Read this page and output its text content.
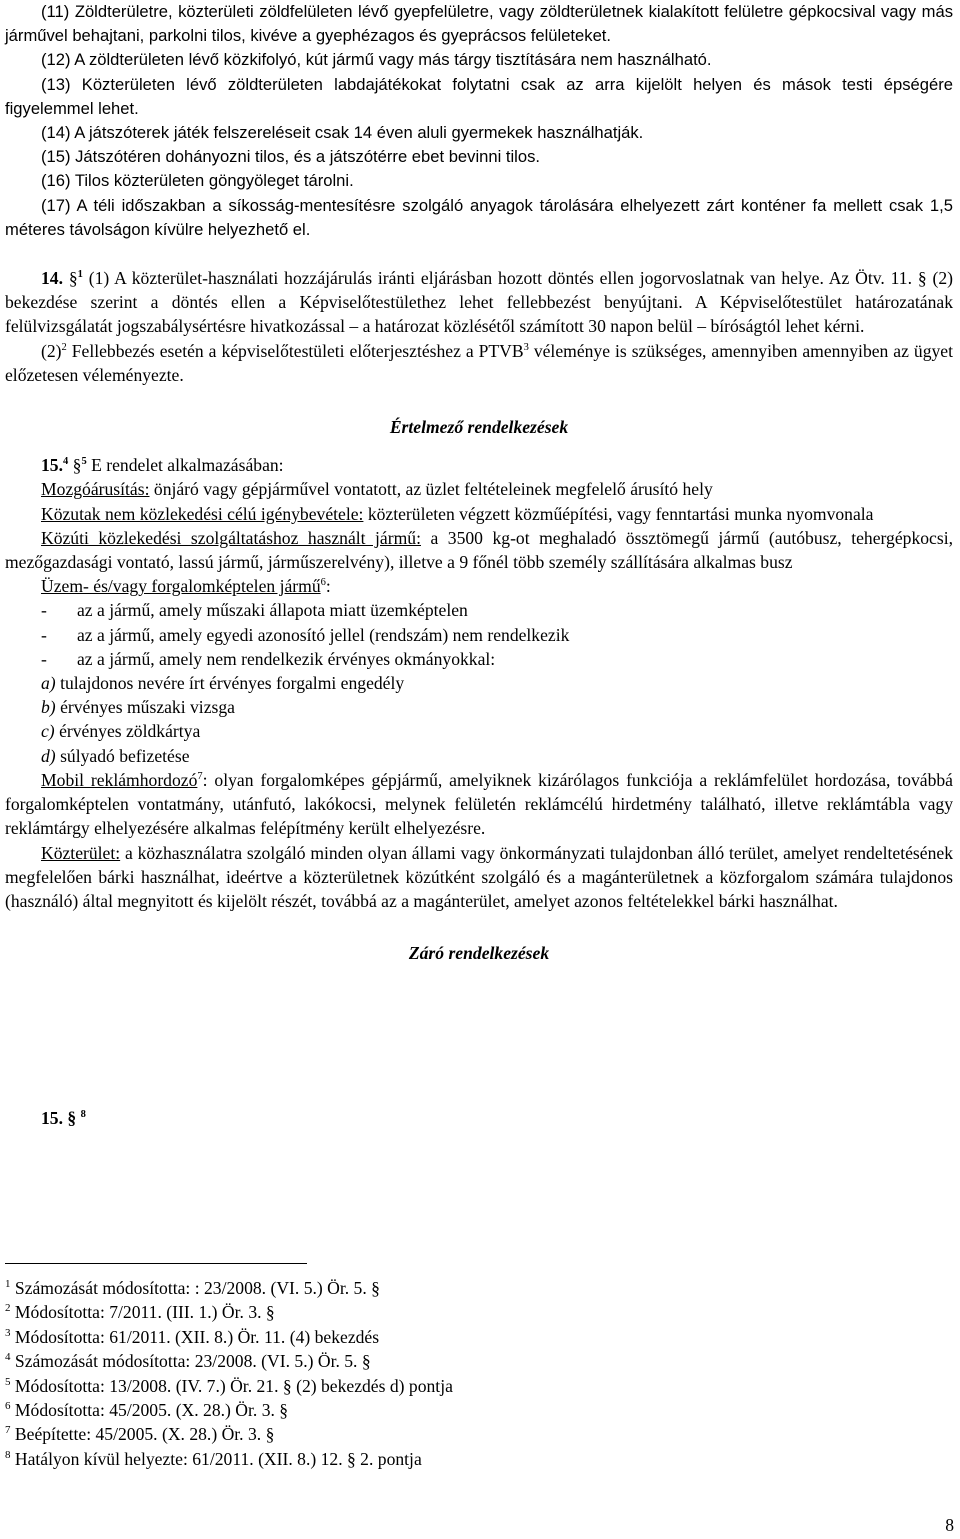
(11) Zöldterületre, közterületi zöldfelületen lévő gyepfelületre, vagy zöldterületnek kialakított felületre gépkocsival vagy más járművel behajtani, parkolni tilos, kivéve a gyephézagos és gyeprácsos felületeket.

(12) A zöldterületen lévő közkifolyó, kút jármű vagy más tárgy tisztítására nem használható.

(13) Közterületen lévő zöldterületen labdajátékokat folytatni csak az arra kijelölt helyen és mások testi épségére figyelemmel lehet.

(14) A játszóterek játék felszereléseit csak 14 éven aluli gyermekek használhatják.

(15) Játszótéren dohányozni tilos, és a játszótérre ebet bevinni tilos.

(16) Tilos közterületen göngyöleget tárolni.

(17) A téli időszakban a síkosság-mentesítésre szolgáló anyagok tárolására elhelyezett zárt konténer fa mellett csak 1,5 méteres távolságon kívülre helyezhető el.

14. §$^1$ (1) A közterület-használati hozzájárulás iránti eljárásban hozott döntés ellen jogorvoslatnak van helye. Az Ötv. 11. § (2) bekezdése szerint a döntés ellen a Képviselőtestülethez lehet fellebbezést benyújtani. A Képviselőtestület határozatának felülvizsgálatát jogszabálysértésre hivatkozással – a határozat közlésétől számított 30 napon belül – bíróságtól lehet kérni.

$(2)^2$ Fellebbezés esetén a képviselőtestületi előterjesztéshez a PTVB$^3$ véleménye is szükséges, amennyiben amennyiben az ügyet előzetesen véleményezte.

Értelmező rendelkezések

15.$^4$ §$^5$ E rendelet alkalmazásában:

Mozgóárusítás: önjáró vagy gépjárművel vontatott, az üzlet feltételeinek megfelelő árusító hely

Közutak nem közlekedési célú igénybevétele: közterületen végzett közműépítési, vagy fenntartási munka nyomvonala

Közúti közlekedési szolgáltatáshoz használt jármű: a 3500 kg-ot meghaladó össztömegű jármű (autóbusz, tehergépkocsi, mezőgazdasági vontató, lassú jármű, járműszerelvény), illetve a 9 főnél több személy szállítására alkalmas busz

Üzem- és/vagy forgalomképtelen jármű$^6$:

- az a jármű, amely műszaki állapota miatt üzemképtelen

- az a jármű, amely egyedi azonosító jellel (rendszám) nem rendelkezik

- az a jármű, amely nem rendelkezik érvényes okmányokkal:

a) tulajdonos nevére írt érvényes forgalmi engedély

b) érvényes műszaki vizsga

c) érvényes zöldkártya

d) súlyadó befizetése

Mobil reklámhordozó$^7$: olyan forgalomképes gépjármű, amelyiknek kizárólagos funkciója a reklámfelület hordozása, továbbá forgalomképtelen vontatmány, utánfutó, lakókocsi, melynek felületén reklámcélú hirdetmény található, illetve reklámtábla vagy reklámtárgy elhelyezésére alkalmas felépítmény került elhelyezésre.

Közterület: a közhasználatra szolgáló minden olyan állami vagy önkormányzati tulajdonban álló terület, amelyet rendeltetésének megfelelően bárki használhat, ideértve a közterületnek közútként szolgáló és a magánterületnek a közforgalom számára tulajdonos (használó) által megnyitott és kijelölt részét, továbbá az a magánterület, amelyet azonos feltételekkel bárki használhat.

Záró rendelkezések

15. § $^8$

$^1$ Számozását módosította: : 23/2008. (VI. 5.) Ör. 5. §

$^2$ Módosította: 7/2011. (III. 1.) Ör. 3. §

$^3$ Módosította: 61/2011. (XII. 8.) Ör. 11. (4) bekezdés

$^4$ Számozását módosította: 23/2008. (VI. 5.) Ör. 5. §

$^5$ Módosította: 13/2008. (IV. 7.) Ör. 21. § (2) bekezdés d) pontja

$^6$ Módosította: 45/2005. (X. 28.) Ör. 3. §

$^7$ Beépítette: 45/2005. (X. 28.) Ör. 3. §

$^8$ Hatályon kívül helyezte: 61/2011. (XII. 8.) 12. § 2. pontja

8
